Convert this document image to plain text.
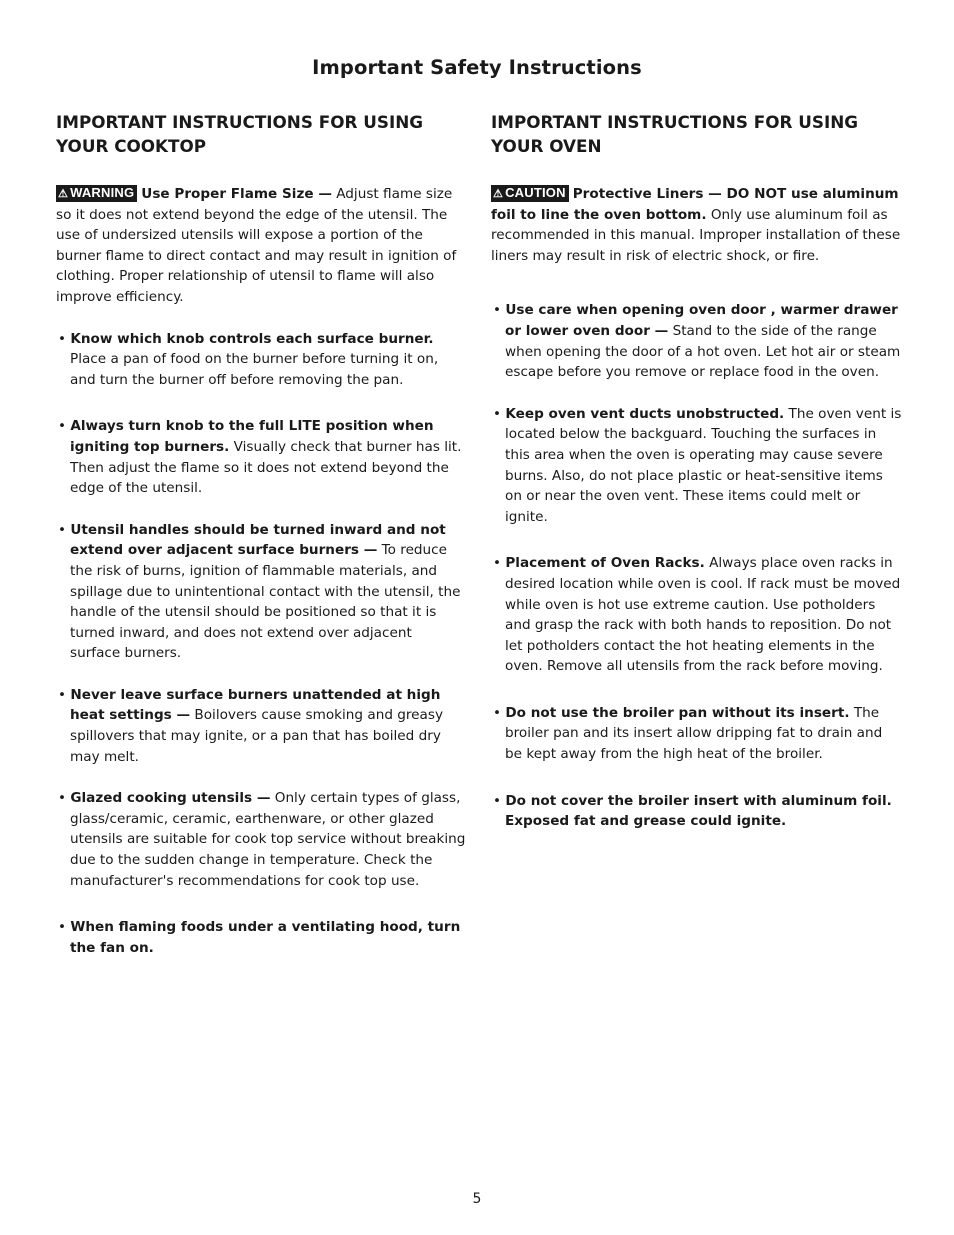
Important Safety Instructions
IMPORTANT INSTRUCTIONS FOR USING YOUR COOKTOP

⚠ WARNING Use Proper Flame Size — Adjust flame size so it does not extend beyond the edge of the utensil. The use of undersized utensils will expose a portion of the burner flame to direct contact and may result in ignition of clothing. Proper relationship of utensil to flame will also improve efficiency.

• Know which knob controls each surface burner. Place a pan of food on the burner before turning it on, and turn the burner off before removing the pan.

• Always turn knob to the full LITE position when igniting top burners. Visually check that burner has lit. Then adjust the flame so it does not extend beyond the edge of the utensil.

• Utensil handles should be turned inward and not extend over adjacent surface burners — To reduce the risk of burns, ignition of flammable materials, and spillage due to unintentional contact with the utensil, the handle of the utensil should be positioned so that it is turned inward, and does not extend over adjacent surface burners.

• Never leave surface burners unattended at high heat settings — Boilovers cause smoking and greasy spillovers that may ignite, or a pan that has boiled dry may melt.

• Glazed cooking utensils — Only certain types of glass, glass/ceramic, ceramic, earthenware, or other glazed utensils are suitable for cook top service without breaking due to the sudden change in temperature. Check the manufacturer's recommendations for cook top use.

• When flaming foods under a ventilating hood, turn the fan on.

IMPORTANT INSTRUCTIONS FOR USING YOUR OVEN

⚠ CAUTION Protective Liners — DO NOT use aluminum foil to line the oven bottom. Only use aluminum foil as recommended in this manual. Improper installation of these liners may result in risk of electric shock, or fire.

• Use care when opening oven door , warmer drawer or lower oven door — Stand to the side of the range when opening the door of a hot oven. Let hot air or steam escape before you remove or replace food in the oven.

• Keep oven vent ducts unobstructed. The oven vent is located below the backguard. Touching the surfaces in this area when the oven is operating may cause severe burns. Also, do not place plastic or heat-sensitive items on or near the oven vent. These items could melt or ignite.

• Placement of Oven Racks. Always place oven racks in desired location while oven is cool. If rack must be moved while oven is hot use extreme caution. Use potholders and grasp the rack with both hands to reposition. Do not let potholders contact the hot heating elements in the oven. Remove all utensils from the rack before moving.

• Do not use the broiler pan without its insert. The broiler pan and its insert allow dripping fat to drain and be kept away from the high heat of the broiler.

• Do not cover the broiler insert with aluminum foil. Exposed fat and grease could ignite.

5
